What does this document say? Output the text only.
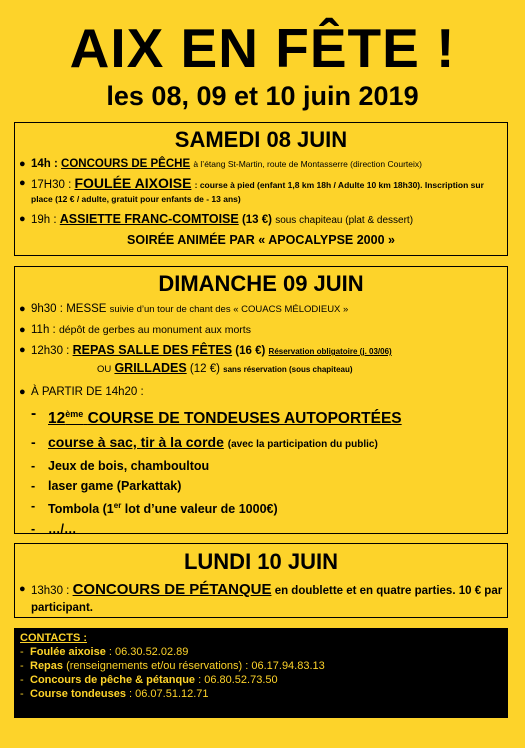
AIX EN FÊTE !
les 08, 09 et 10 juin 2019
SAMEDI 08 JUIN
● 14h : CONCOURS DE PÊCHE à l’étang St-Martin, route de Montasserre (direction Courteix)
● 17H30 : FOULÉE AIXOISE : course à pied (enfant 1,8 km 18h / Adulte 10 km 18h30). Inscription sur place (12 € / adulte, gratuit pour enfants de - 13 ans)
● 19h : ASSIETTE FRANC-COMTOISE (13 €) sous chapiteau (plat & dessert)
SOIRÉE ANIMÉE PAR « APOCALYPSE 2000 »
DIMANCHE 09 JUIN
● 9h30 : MESSE suivie d’un tour de chant des « COUACS MÉLODIEUX »
● 11h : dépôt de gerbes au monument aux morts
● 12h30 : REPAS SALLE DES FÊTES (16 €) Réservation obligatoire (j. 03/06)
OU GRILLADES (12 €) sans réservation (sous chapiteau)
● À PARTIR DE 14h20 :
- 12ème COURSE DE TONDEUSES AUTOPORTÉES
- course à sac, tir à la corde (avec la participation du public)
- Jeux de bois, chamboultou
- laser game (Parkattak)
- Tombola (1er lot d’une valeur de 1000€)
- …/…
LUNDI 10 JUIN
● 13h30 : CONCOURS DE PÉTANQUE en doublette et en quatre parties. 10 € par participant.
CONTACTS :
- Foulée aixoise : 06.30.52.02.89
- Repas (renseignements et/ou réservations) : 06.17.94.83.13
- Concours de pêche & pétanque : 06.80.52.73.50
- Course tondeuses : 06.07.51.12.71
